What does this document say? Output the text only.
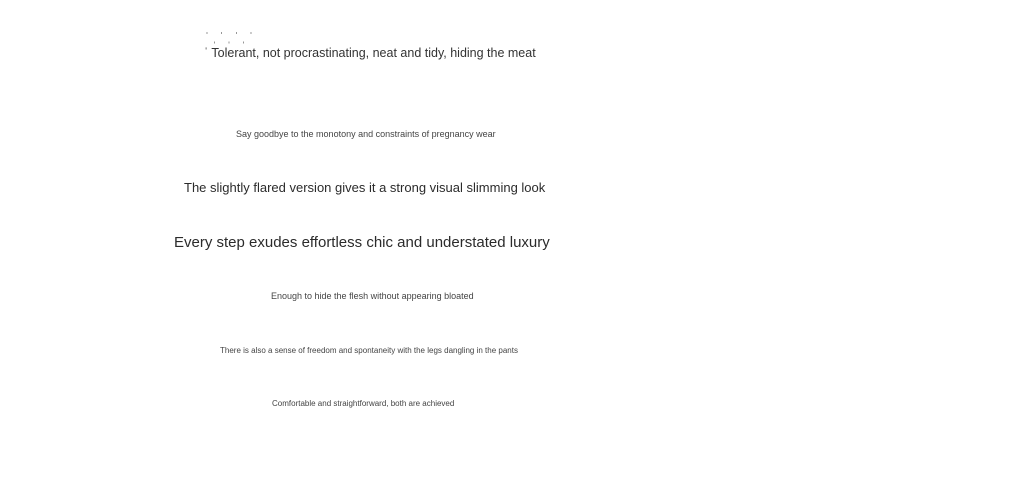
ˈ ˌ ˈ ˌ ˈ ˌ ˈ
ˈ Tolerant, not procrastinating, neat and tidy, hiding the meat
Say goodbye to the monotony and constraints of pregnancy wear
The slightly flared version gives it a strong visual slimming look
Every step exudes effortless chic and understated luxury
Enough to hide the flesh without appearing bloated
There is also a sense of freedom and spontaneity with the legs dangling in the pants
Comfortable and straightforward, both are achieved
